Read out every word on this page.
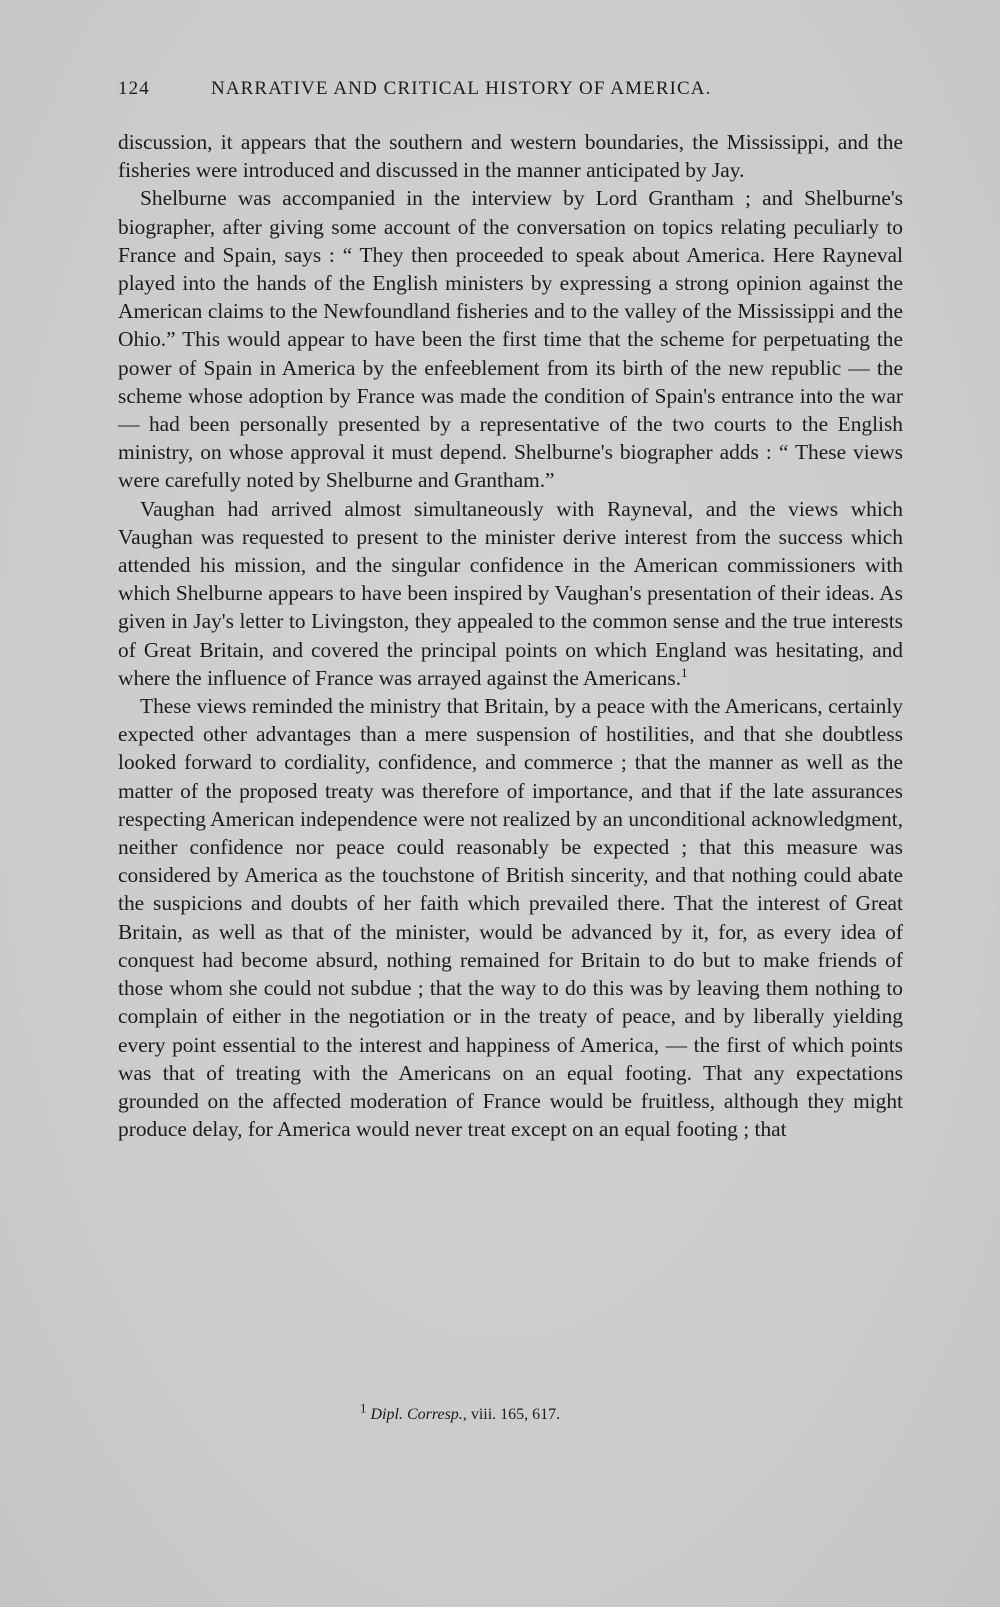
124	NARRATIVE AND CRITICAL HISTORY OF AMERICA.

discussion, it appears that the southern and western boundaries, the Mississippi, and the fisheries were introduced and discussed in the manner anticipated by Jay.

Shelburne was accompanied in the interview by Lord Grantham ; and Shelburne's biographer, after giving some account of the conversation on topics relating peculiarly to France and Spain, says : “ They then proceeded to speak about America. Here Rayneval played into the hands of the English ministers by expressing a strong opinion against the American claims to the Newfoundland fisheries and to the valley of the Mississippi and the Ohio.” This would appear to have been the first time that the scheme for perpetuating the power of Spain in America by the enfeeblement from its birth of the new republic — the scheme whose adoption by France was made the condition of Spain's entrance into the war — had been personally presented by a representative of the two courts to the English ministry, on whose approval it must depend. Shelburne's biographer adds : “ These views were carefully noted by Shelburne and Grantham.”

Vaughan had arrived almost simultaneously with Rayneval, and the views which Vaughan was requested to present to the minister derive interest from the success which attended his mission, and the singular confidence in the American commissioners with which Shelburne appears to have been inspired by Vaughan's presentation of their ideas. As given in Jay's letter to Livingston, they appealed to the common sense and the true interests of Great Britain, and covered the principal points on which England was hesitating, and where the influence of France was arrayed against the Americans.$^1$

These views reminded the ministry that Britain, by a peace with the Americans, certainly expected other advantages than a mere suspension of hostilities, and that she doubtless looked forward to cordiality, confidence, and commerce ; that the manner as well as the matter of the proposed treaty was therefore of importance, and that if the late assurances respecting American independence were not realized by an unconditional acknowledgment, neither confidence nor peace could reasonably be expected ; that this measure was considered by America as the touchstone of British sincerity, and that nothing could abate the suspicions and doubts of her faith which prevailed there. That the interest of Great Britain, as well as that of the minister, would be advanced by it, for, as every idea of conquest had become absurd, nothing remained for Britain to do but to make friends of those whom she could not subdue ; that the way to do this was by leaving them nothing to complain of either in the negotiation or in the treaty of peace, and by liberally yielding every point essential to the interest and happiness of America, — the first of which points was that of treating with the Americans on an equal footing. That any expectations grounded on the affected moderation of France would be fruitless, although they might produce delay, for America would never treat except on an equal footing ; that

$^1$ Dipl. Corresp., viii. 165, 617.
